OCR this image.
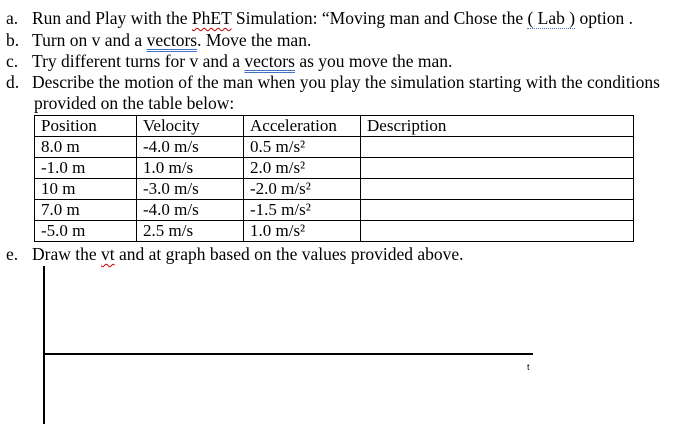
a. Run and Play with the PhET Simulation: “Moving man and Chose the ( Lab ) option .
b. Turn on v and a vectors. Move the man.
c. Try different turns for v and a vectors as you move the man.
d. Describe the motion of the man when you play the simulation starting with the conditions
provided on the table below:
Position	Velocity	Acceleration	Description
8.0 m	-4.0 m/s	0.5 m/s²	
-1.0 m	1.0 m/s	2.0 m/s²	
10 m	-3.0 m/s	-2.0 m/s²	
7.0 m	-4.0 m/s	-1.5 m/s²	
-5.0 m	2.5 m/s	1.0 m/s²	
e. Draw the vt and at graph based on the values provided above.
t
